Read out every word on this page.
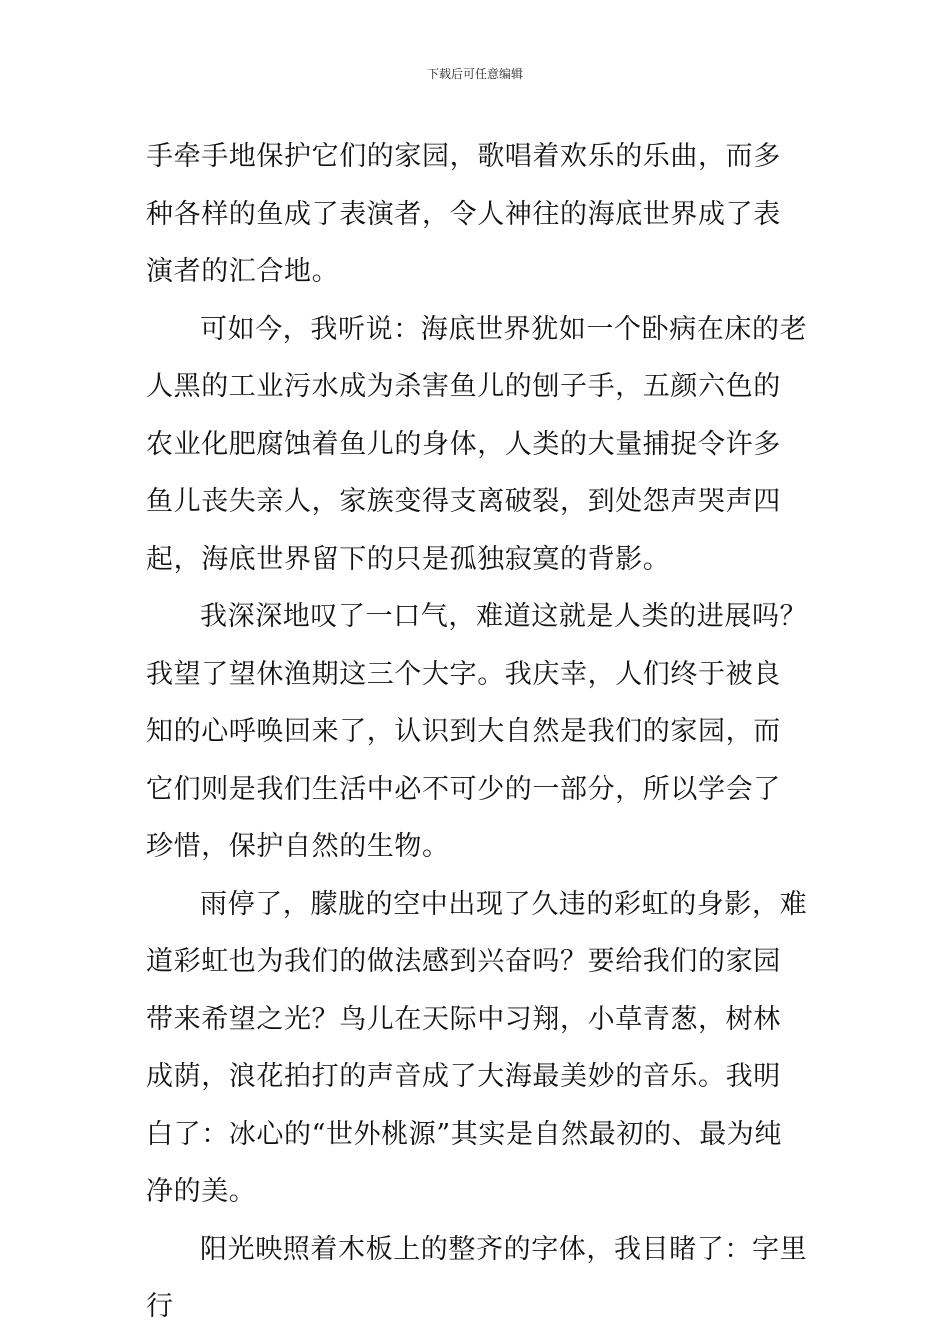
下载后可任意编辑

手牵手地保护它们的家园，歌唱着欢乐的乐曲，而多种各样的鱼成了表演者，令人神往的海底世界成了表演者的汇合地。

可如今，我听说：海底世界犹如一个卧病在床的老人黑的工业污水成为杀害鱼儿的刨子手，五颜六色的农业化肥腐蚀着鱼儿的身体，人类的大量捕捉令许多鱼儿丧失亲人，家族变得支离破裂，到处怨声哭声四起，海底世界留下的只是孤独寂寞的背影。

我深深地叹了一口气，难道这就是人类的进展吗？我望了望休渔期这三个大字。我庆幸，人们终于被良知的心呼唤回来了，认识到大自然是我们的家园，而它们则是我们生活中必不可少的一部分，所以学会了珍惜，保护自然的生物。

雨停了，朦胧的空中出现了久违的彩虹的身影，难道彩虹也为我们的做法感到兴奋吗？要给我们的家园带来希望之光？鸟儿在天际中习翔，小草青葱，树林成荫，浪花拍打的声音成了大海最美妙的音乐。我明白了：冰心的“世外桃源”其实是自然最初的、最为纯净的美。

阳光映照着木板上的整齐的字体，我目睹了：字里行
